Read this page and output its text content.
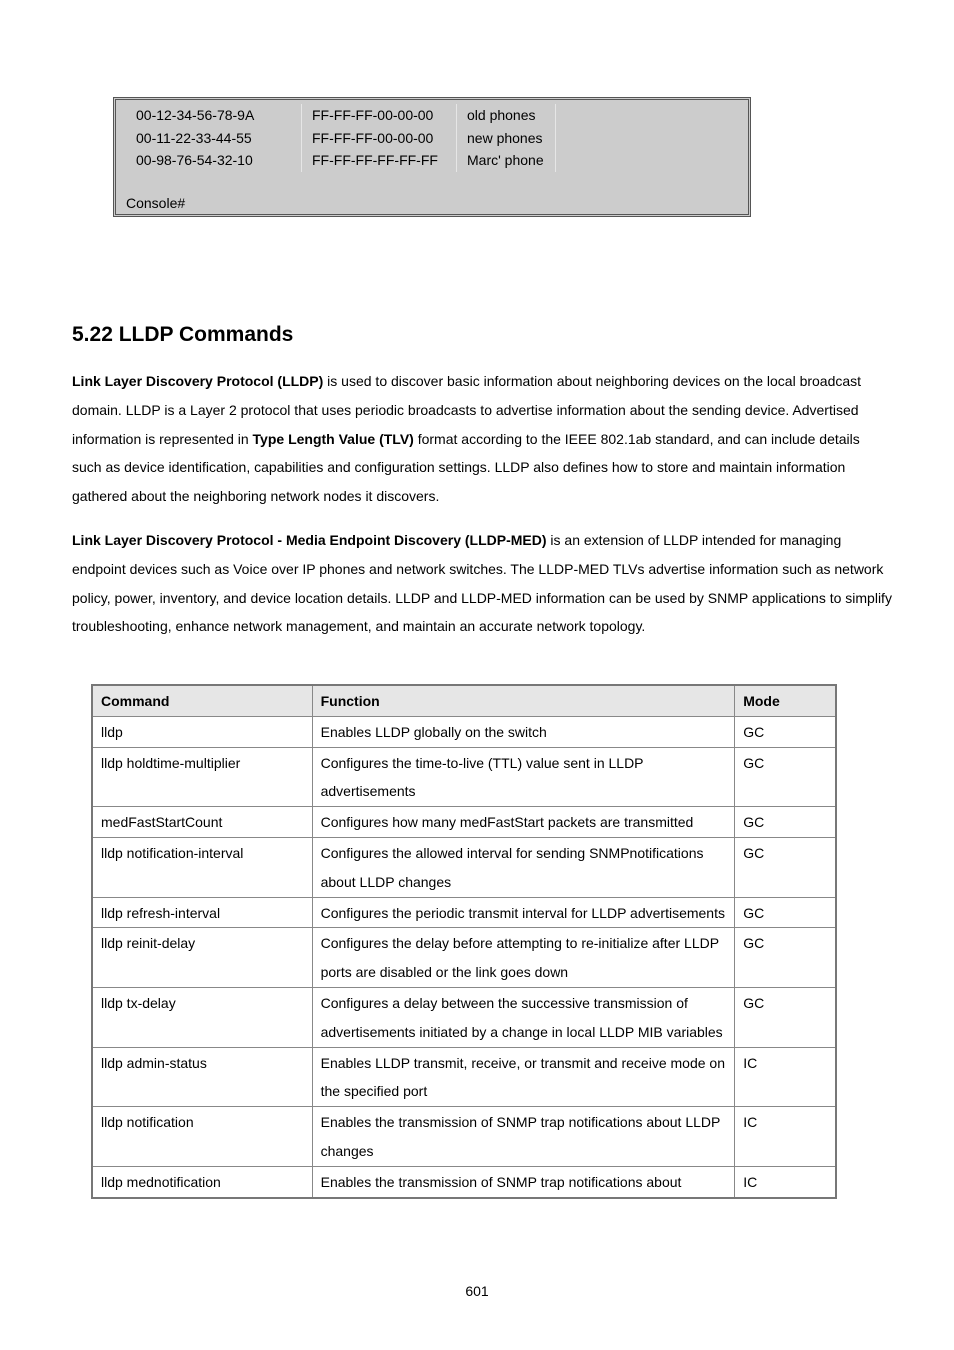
00-12-34-56-78-9A	FF-FF-FF-00-00-00	old phones
00-11-22-33-44-55	FF-FF-FF-00-00-00	new phones
00-98-76-54-32-10	FF-FF-FF-FF-FF-FF	Marc' phone
Console#
5.22 LLDP Commands

Link Layer Discovery Protocol (LLDP) is used to discover basic information about neighboring devices on the local broadcast domain. LLDP is a Layer 2 protocol that uses periodic broadcasts to advertise information about the sending device. Advertised information is represented in Type Length Value (TLV) format according to the IEEE 802.1ab standard, and can include details such as device identification, capabilities and configuration settings. LLDP also defines how to store and maintain information gathered about the neighboring network nodes it discovers.

Link Layer Discovery Protocol - Media Endpoint Discovery (LLDP-MED) is an extension of LLDP intended for managing endpoint devices such as Voice over IP phones and network switches. The LLDP-MED TLVs advertise information such as network policy, power, inventory, and device location details. LLDP and LLDP-MED information can be used by SNMP applications to simplify troubleshooting, enhance network management, and maintain an accurate network topology.

Command	Function	Mode
lldp	Enables LLDP globally on the switch	GC
lldp holdtime-multiplier	Configures the time-to-live (TTL) value sent in LLDP advertisements	GC
medFastStartCount	Configures how many medFastStart packets are transmitted	GC
lldp notification-interval	Configures the allowed interval for sending SNMPnotifications about LLDP changes	GC
lldp refresh-interval	Configures the periodic transmit interval for LLDP advertisements	GC
lldp reinit-delay	Configures the delay before attempting to re-initialize after LLDP ports are disabled or the link goes down	GC
lldp tx-delay	Configures a delay between the successive transmission of advertisements initiated by a change in local LLDP MIB variables	GC
lldp admin-status	Enables LLDP transmit, receive, or transmit and receive mode on the specified port	IC
lldp notification	Enables the transmission of SNMP trap notifications about LLDP changes	IC
lldp mednotification	Enables the transmission of SNMP trap notifications about	IC
601
